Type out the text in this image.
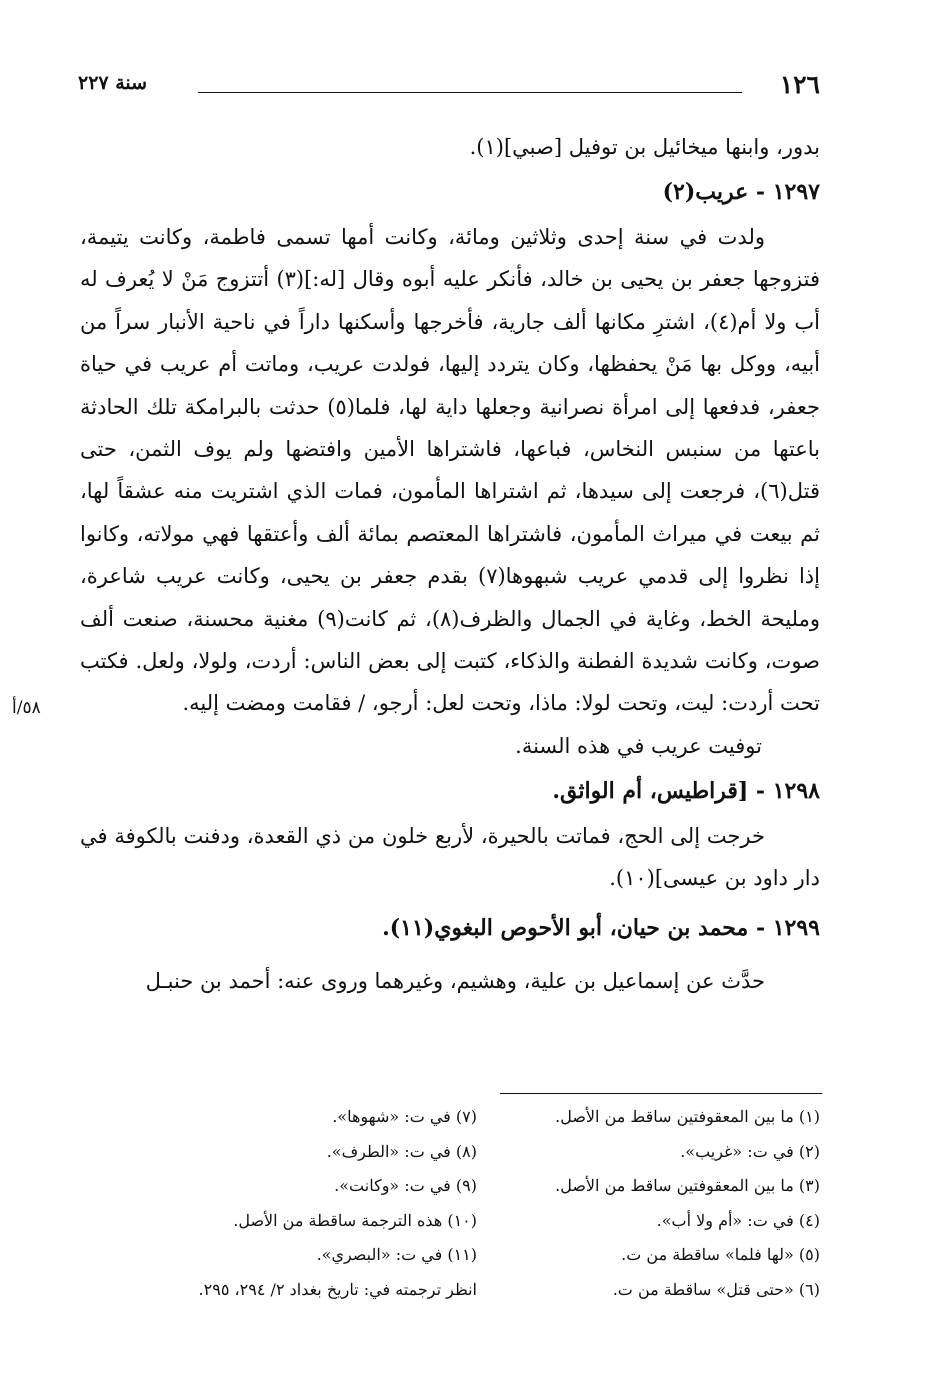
١٢٦
سنة ٢٢٧
بدور، وابنها ميخائيل بن توفيل [صبي](١).
١٢٩٧ - عريب(٢)

ولدت في سنة إحدى وثلاثين ومائة، وكانت أمها تسمى فاطمة، وكانت يتيمة، فتزوجها جعفر بن يحيى بن خالد، فأنكر عليه أبوه وقال [له:](٣) أتتزوج مَنْ لا يُعرف له أب ولا أم(٤)، اشترِ مكانها ألف جارية، فأخرجها وأسكنها داراً في ناحية الأنبار سراً من أبيه، ووكل بها مَنْ يحفظها، وكان يتردد إليها، فولدت عريب، وماتت أم عريب في حياة جعفر، فدفعها إلى امرأة نصرانية وجعلها داية لها، فلما(٥) حدثت بالبرامكة تلك الحادثة باعتها من سنبس النخاس، فباعها، فاشتراها الأمين وافتضها ولم يوف الثمن، حتى قتل(٦)، فرجعت إلى سيدها، ثم اشتراها المأمون، فمات الذي اشتريت منه عشقاً لها، ثم بيعت في ميراث المأمون، فاشتراها المعتصم بمائة ألف وأعتقها فهي مولاته، وكانوا إذا نظروا إلى قدمي عريب شبهوها(٧) بقدم جعفر بن يحيى، وكانت عريب شاعرة، ومليحة الخط، وغاية في الجمال والظرف(٨)، ثم كانت(٩) مغنية محسنة، صنعت ألف صوت، وكانت شديدة الفطنة والذكاء، كتبت إلى بعض الناس: أردت، ولولا، ولعل. فكتب تحت أردت: ليت، وتحت لولا: ماذا، وتحت لعل: أرجو، / فقامت ومضت إليه.

توفيت عريب في هذه السنة.
١٢٩٨ - [قراطيس، أم الواثق.

خرجت إلى الحج، فماتت بالحيرة، لأربع خلون من ذي القعدة، ودفنت بالكوفة في دار داود بن عيسى](١٠).

١٢٩٩ - محمد بن حيان، أبو الأحوص البغوي(١١).
حدَّث عن إسماعيل بن علية، وهشيم، وغيرهما وروى عنه: أحمد بن حنبـل
٥٨/أ
(١) ما بين المعقوفتين ساقط من الأصل.
(٢) في ت: «غريب».
(٣) ما بين المعقوفتين ساقط من الأصل.
(٤) في ت: «أم ولا أب».
(٥) «لها فلما» ساقطة من ت.
(٦) «حتى قتل» ساقطة من ت.
(٧) في ت: «شهوها».
(٨) في ت: «الطرف».
(٩) في ت: «وكانت».
(١٠) هذه الترجمة ساقطة من الأصل.
(١١) في ت: «البصري».
انظر ترجمته في: تاريخ بغداد ٢/ ٢٩٤، ٢٩٥.
